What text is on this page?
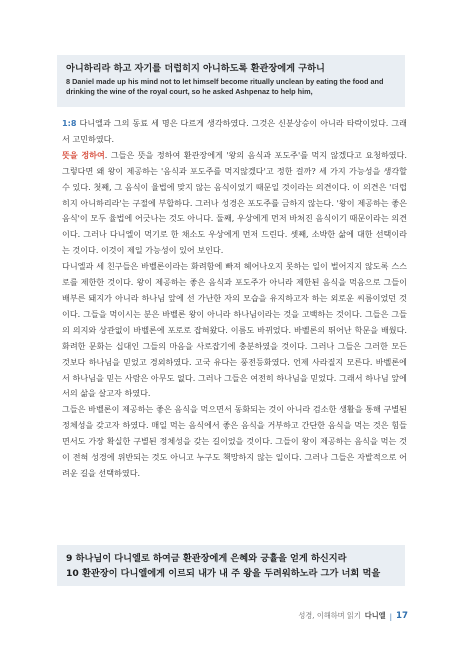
아니하리라 하고 자기를 더럽히지 아니하도록 환관장에게 구하니
8 Daniel made up his mind not to let himself become ritually unclean by eating the food and drinking the wine of the royal court, so he asked Ashpenaz to help him,

1:8 다니엘과 그의 동료 세 명은 다르게 생각하였다. 그것은 신분상승이 아니라 타락이었다. 그래서 고민하였다.

뜻을 정하여. 그들은 뜻을 정하여 환관장에게 '왕의 음식과 포도주'를 먹지 않겠다고 요청하였다. 그렇다면 왜 왕이 제공하는 '음식과 포도주를 먹지않겠다'고 정한 걸까? 세 가지 가능성을 생각할 수 있다. 첫째, 그 음식이 율법에 맞지 않는 음식이었기 때문일 것이라는 의견이다. 이 의견은 '더럽히지 아니하리라'는 구절에 부합하다. 그러나 성경은 포도주를 금하지 않는다. '왕이 제공하는 좋은 음식'이 모두 율법에 어긋나는 것도 아니다. 둘째, 우상에게 먼저 바쳐진 음식이기 때문이라는 의견이다. 그러나 다니엘이 먹기로 한 채소도 우상에게 먼저 드린다. 셋째, 소박한 삶에 대한 선택이라는 것이다. 이것이 제일 가능성이 있어 보인다.

다니엘과 세 친구들은 바벨론이라는 화려함에 빠져 헤어나오지 못하는 일이 벌어지지 않도록 스스로를 제한한 것이다. 왕이 제공하는 좋은 음식과 포도주가 아니라 제한된 음식을 먹음으로 그들이 배부른 돼지가 아니라 하나님 앞에 선 가난한 자의 모습을 유지하고자 하는 외로운 씨름이었던 것이다. 그들을 먹이시는 분은 바벨론 왕이 아니라 하나님이라는 것을 고백하는 것이다. 그들은 그들의 의지와 상관없이 바벨론에 포로로 잡혀왔다. 이름도 바뀌었다. 바벨론의 뛰어난 학문을 배웠다. 화려한 문화는 십대인 그들의 마음을 사로잡기에 충분하였을 것이다. 그러나 그들은 그러한 모든 것보다 하나님을 믿었고 경외하였다. 고국 유다는 풍전등화였다. 언제 사라질지 모른다. 바벨론에서 하나님을 믿는 사람은 아무도 없다. 그러나 그들은 여전히 하나님을 믿었다. 그래서 하나님 앞에서의 삶을 살고자 하였다.

그들은 바벨론이 제공하는 좋은 음식을 먹으면서 동화되는 것이 아니라 검소한 생활을 통해 구별된 정체성을 갖고자 하였다. 매일 먹는 음식에서 좋은 음식을 거부하고 간단한 음식을 먹는 것은 힘들면서도 가장 확실한 구별된 정체성을 갖는 길이었을 것이다. 그들이 왕이 제공하는 음식을 먹는 것이 전혀 성경에 위반되는 것도 아니고 누구도 책망하지 않는 일이다. 그러나 그들은 자발적으로 어려운 길을 선택하였다.

9 하나님이 다니엘로 하여금 환관장에게 은혜와 긍휼을 얻게 하신지라
10 환관장이 다니엘에게 이르되 내가 내 주 왕을 두려워하노라 그가 너희 먹을
성경, 이해하며 읽기 다니엘 | 17
